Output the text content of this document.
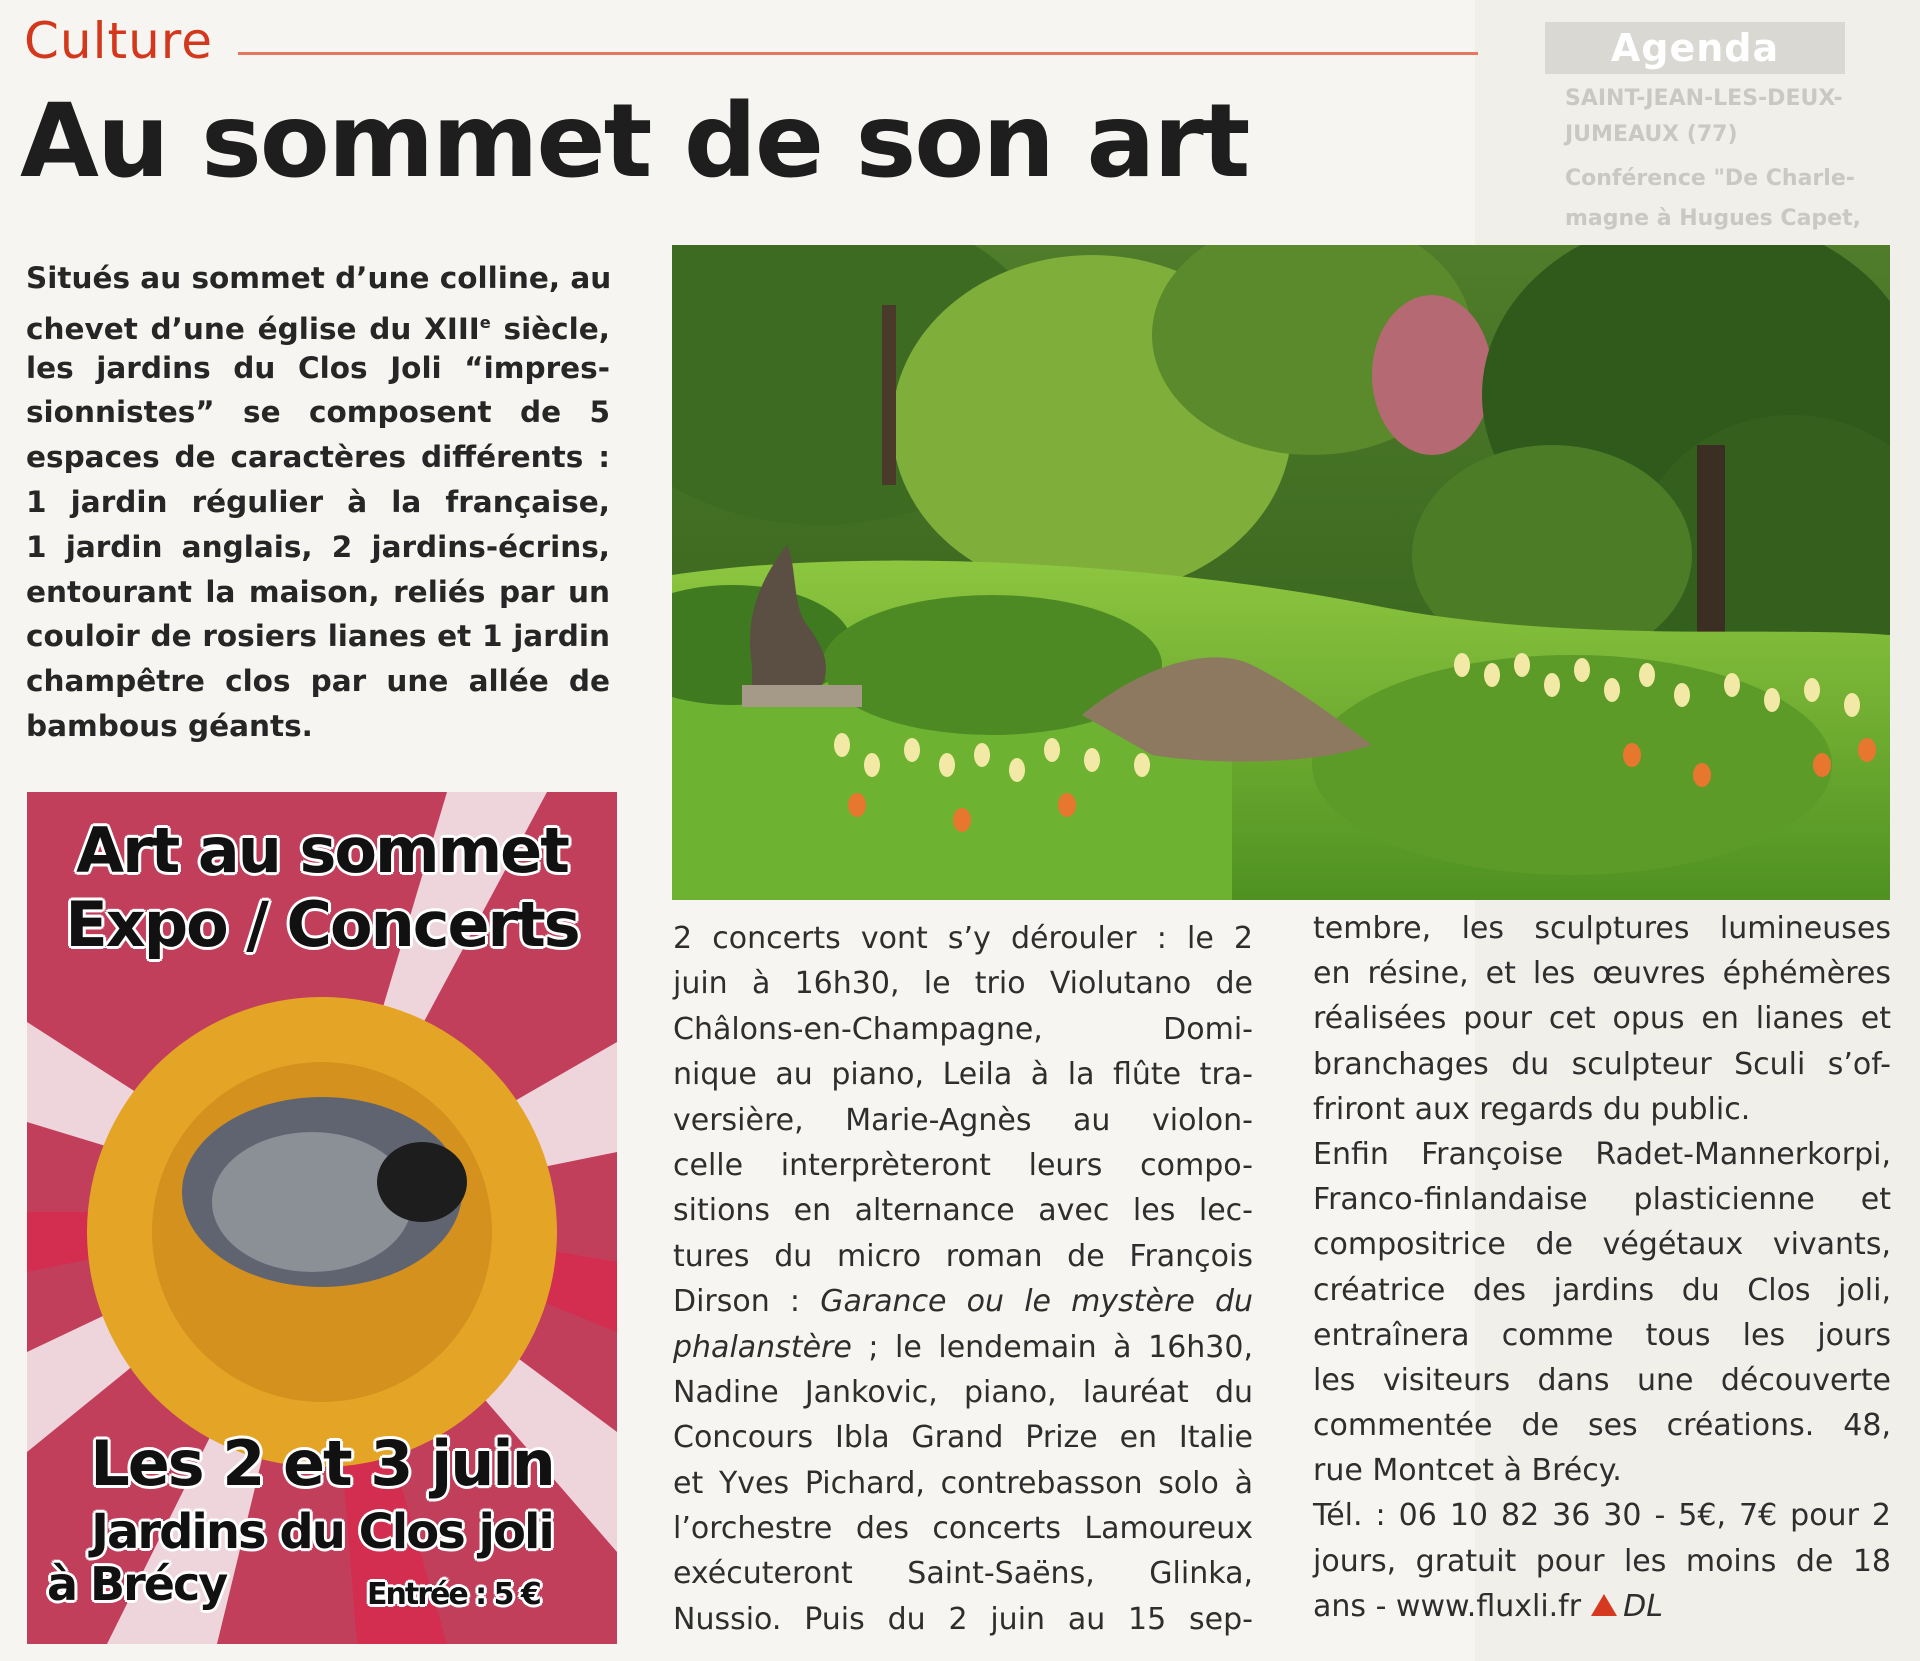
Agenda
SAINT-JEAN-LES-DEUX-
JUMEAUX (77)
Conférence "De Charle-
magne à Hugues Capet,
Culture
Au sommet de son art
Situés au sommet d’une colline, au
chevet d’une église du XIIIe siècle,
les jardins du Clos Joli “impres-
sionnistes” se composent de 5
espaces de caractères différents :
1 jardin régulier à la française,
1 jardin anglais, 2 jardins-écrins,
entourant la maison, reliés par un
couloir de rosiers lianes et 1 jardin
champêtre clos par une allée de
bambous géants.
Art au sommet
Expo / Concerts
Les 2 et 3 juin
Jardins du Clos joli
à Brécy	Entrée : 5 €
2 concerts vont s’y dérouler : le 2
juin à 16h30, le trio Violutano de
Châlons-en-Champagne, Domi-
nique au piano, Leila à la flûte tra-
versière, Marie-Agnès au violon-
celle interprèteront leurs compo-
sitions en alternance avec les lec-
tures du micro roman de François
Dirson : Garance ou le mystère du
phalanstère ; le lendemain à 16h30,
Nadine Jankovic, piano, lauréat du
Concours Ibla Grand Prize en Italie
et Yves Pichard, contrebasson solo à
l’orchestre des concerts Lamoureux
exécuteront Saint-Saëns, Glinka,
Nussio. Puis du 2 juin au 15 sep-
tembre, les sculptures lumineuses
en résine, et les œuvres éphémères
réalisées pour cet opus en lianes et
branchages du sculpteur Sculi s’of-
friront aux regards du public.
Enfin Françoise Radet-Mannerkorpi,
Franco-finlandaise plasticienne et
compositrice de végétaux vivants,
créatrice des jardins du Clos joli,
entraînera comme tous les jours
les visiteurs dans une découverte
commentée de ses créations. 48,
rue Montcet à Brécy.
Tél. : 06 10 82 36 30 - 5€, 7€ pour 2
jours, gratuit pour les moins de 18
ans - www.fluxli.fr DL
